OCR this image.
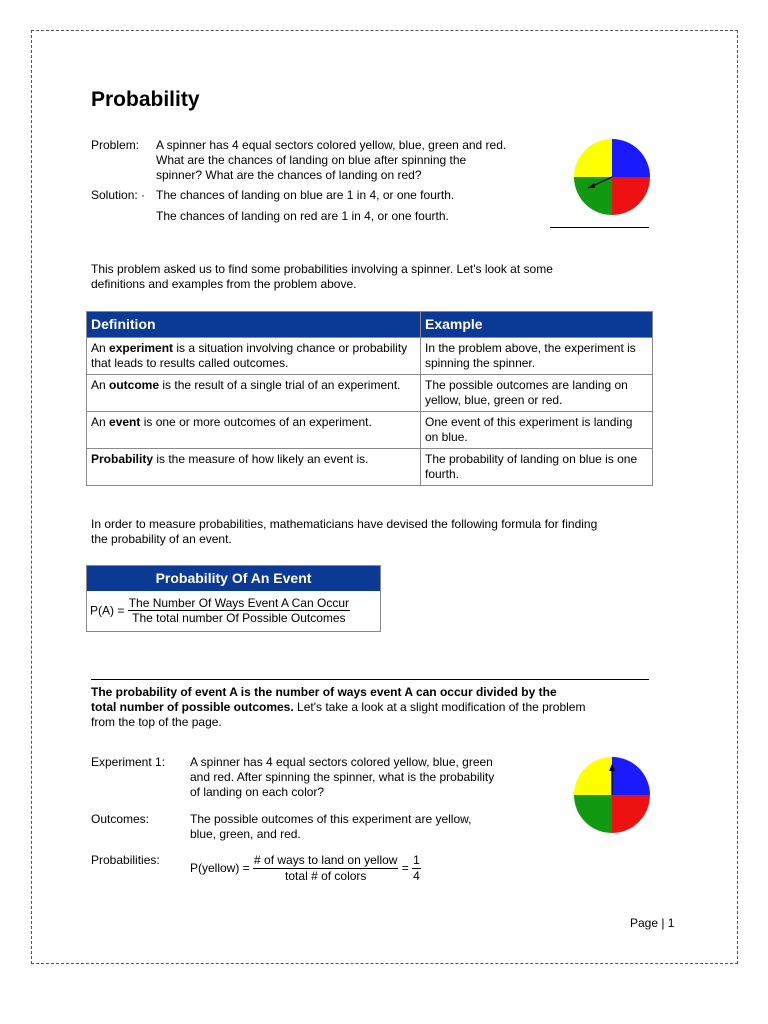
Probability
Problem: A spinner has 4 equal sectors colored yellow, blue, green and red.
What are the chances of landing on blue after spinning the
spinner? What are the chances of landing on red?
Solution: · The chances of landing on blue are 1 in 4, or one fourth.
The chances of landing on red are 1 in 4, or one fourth.
This problem asked us to find some probabilities involving a spinner. Let's look at some
definitions and examples from the problem above.
Definition	Example
An experiment is a situation involving chance or probability that leads to results called outcomes.	In the problem above, the experiment is spinning the spinner.
An outcome is the result of a single trial of an experiment.	The possible outcomes are landing on yellow, blue, green or red.
An event is one or more outcomes of an experiment.	One event of this experiment is landing on blue.
Probability is the measure of how likely an event is.	The probability of landing on blue is one fourth.
In order to measure probabilities, mathematicians have devised the following formula for finding
the probability of an event.
Probability Of An Event
$P(A) = \frac{\text{The Number Of Ways Event A Can Occur}}{\text{The total number Of Possible Outcomes}}$
The probability of event A is the number of ways event A can occur divided by the
total number of possible outcomes. Let's take a look at a slight modification of the problem
from the top of the page.
Experiment 1: A spinner has 4 equal sectors colored yellow, blue, green
and red. After spinning the spinner, what is the probability
of landing on each color?
Outcomes:	The possible outcomes of this experiment are yellow,
blue, green, and red.
Probabilities:
P(yellow) = $\frac{\text{\# of ways to land on yellow}}{\text{total \# of colors}} = \frac{1}{4}$
Page | 1
